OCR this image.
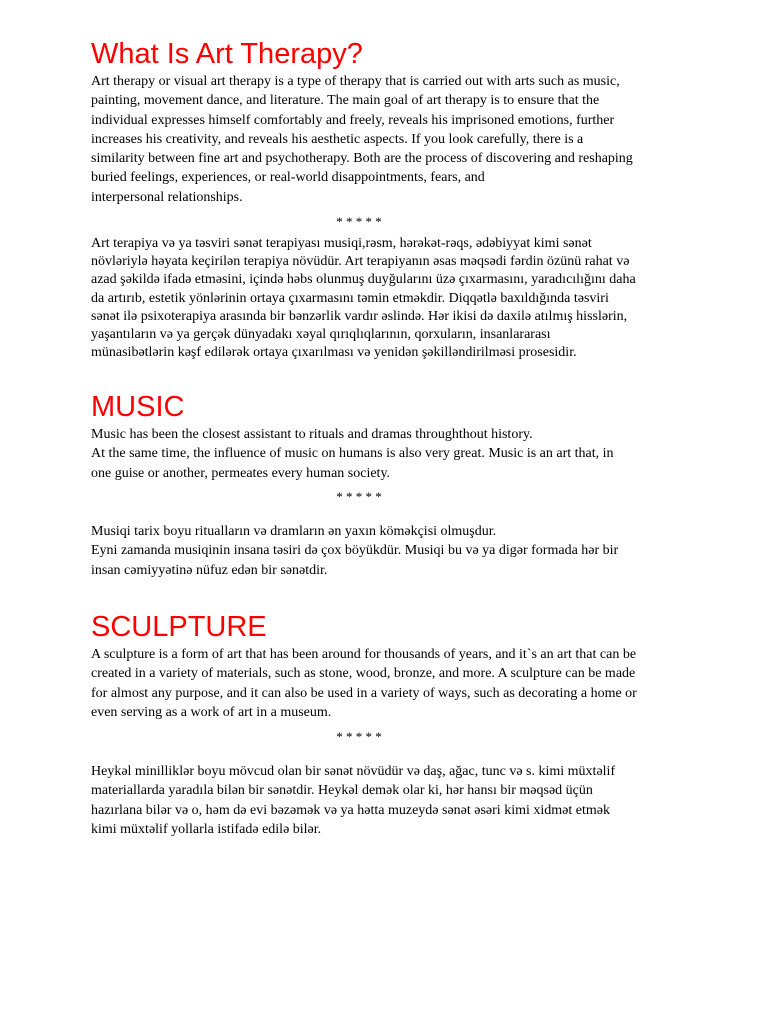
What Is Art Therapy?

Art therapy or visual art therapy is a type of therapy that is carried out with arts such as music,
painting, movement dance, and literature. The main goal of art therapy is to ensure that the
individual expresses himself comfortably and freely, reveals his imprisoned emotions, further
increases his creativity, and reveals his aesthetic aspects. If you look carefully, there is a
similarity between fine art and psychotherapy. Both are the process of discovering and reshaping
buried feelings, experiences, or real-world disappointments, fears, and
interpersonal relationships.

* * * * *

Art terapiya və ya təsviri sənət terapiyası musiqi,rəsm, hərəkət-rəqs, ədəbiyyat kimi sənət
növləriylə həyata keçirilən terapiya növüdür. Art terapiyanın əsas məqsədi fərdin özünü rahat və
azad şəkildə ifadə etməsini, içində həbs olunmuş duyğularını üzə çıxarmasını, yaradıcılığını daha
da artırıb, estetik yönlərinin ortaya çıxarmasını təmin etməkdir. Diqqətlə baxıldığında təsviri
sənət ilə psixoterapiya arasında bir bənzərlik vardır əslində. Hər ikisi də daxilə atılmış hisslərin,
yaşantıların və ya gerçək dünyadakı xəyal qırıqlıqlarının, qorxuların, insanlararası
münasibətlərin kəşf edilərək ortaya çıxarılması və yenidən şəkilləndirilməsi prosesidir.

MUSIC

Music has been the closest assistant to rituals and dramas throughthout history.
At the same time, the influence of music on humans is also very great. Music is an art that, in
one guise or another, permeates every human society.

* * * * *

Musiqi tarix boyu ritualların və dramların ən yaxın köməkçisi olmuşdur.
Eyni zamanda musiqinin insana təsiri də çox böyükdür. Musiqi bu və ya digər formada hər bir
insan cəmiyyətinə nüfuz edən bir sənətdir.

SCULPTURE

A sculpture is a form of art that has been around for thousands of years, and it`s an art that can be
created in a variety of materials, such as stone, wood, bronze, and more. A sculpture can be made
for almost any purpose, and it can also be used in a variety of ways, such as decorating a home or
even serving as a work of art in a museum.

* * * * *

Heykəl minilliklər boyu mövcud olan bir sənət növüdür və daş, ağac, tunc və s. kimi müxtəlif
materiallarda yaradıla bilən bir sənətdir. Heykəl demək olar ki, hər hansı bir məqsəd üçün
hazırlana bilər və o, həm də evi bəzəmək və ya hətta muzeydə sənət əsəri kimi xidmət etmək
kimi müxtəlif yollarla istifadə edilə bilər.
